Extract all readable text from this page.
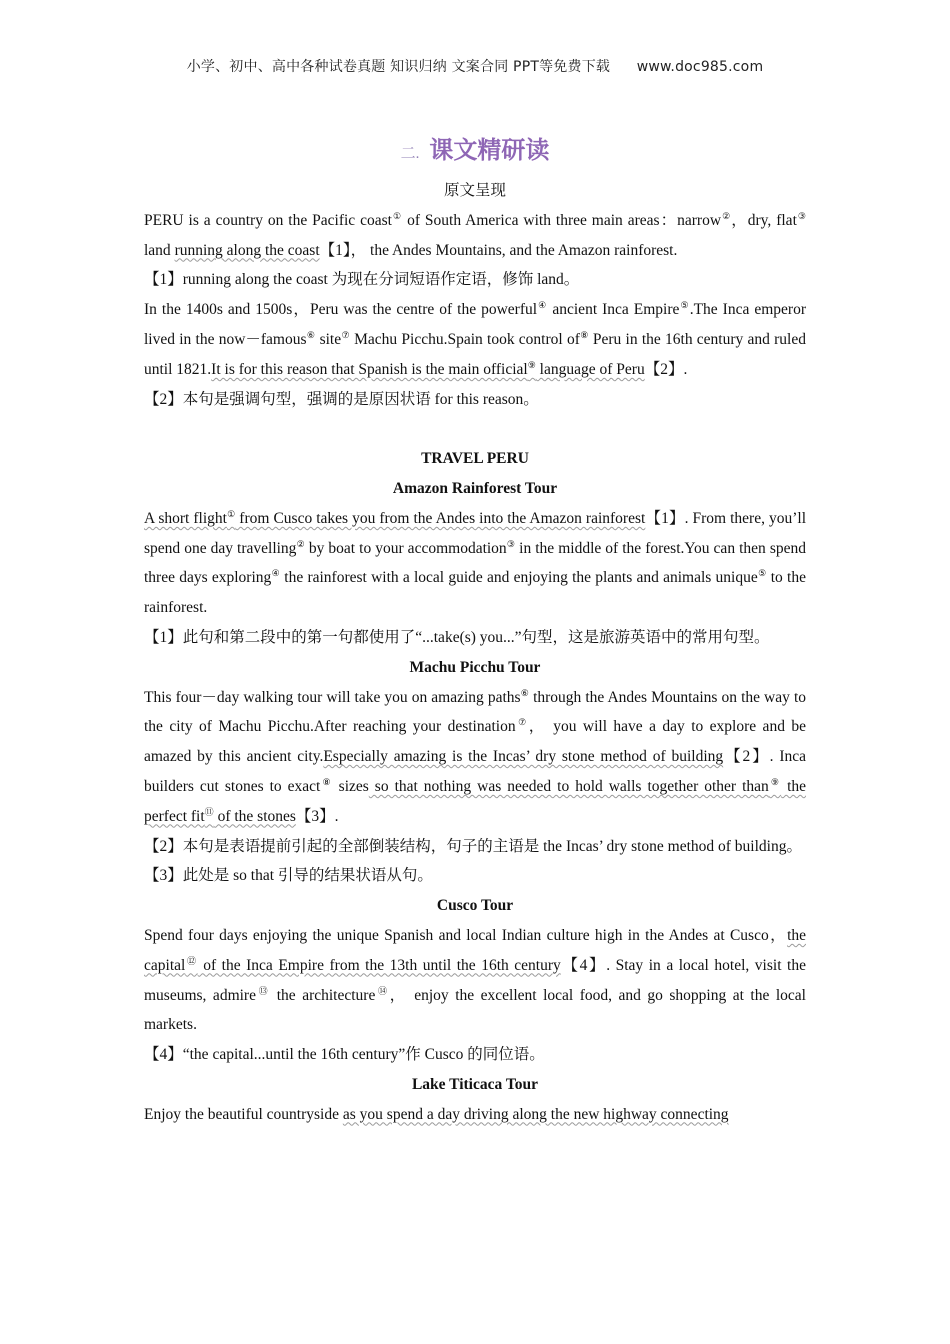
小学、初中、高中各种试卷真题 知识归纳 文案合同 PPT等免费下载 www.doc985.com
二. 课文精研读

原文呈现

PERU is a country on the Pacific coast① of South America with three main areas：narrow②，dry, flat③ land running along the coast【1】， the Andes Mountains, and the Amazon rainforest.

【1】running along the coast 为现在分词短语作定语，修饰 land。

In the 1400s and 1500s，Peru was the centre of the powerful④ ancient Inca Empire⑤.The Inca emperor lived in the now－famous⑥ site⑦ Machu Picchu.Spain took control of⑧ Peru in the 16th century and ruled until 1821.It is for this reason that Spanish is the main official⑨ language of Peru【2】.

【2】本句是强调句型，强调的是原因状语 for this reason。

TRAVEL PERU

Amazon Rainforest Tour

A short flight① from Cusco takes you from the Andes into the Amazon rainforest【1】. From there, you’ll spend one day travelling② by boat to your accommodation③ in the middle of the forest.You can then spend three days exploring④ the rainforest with a local guide and enjoying the plants and animals unique⑤ to the rainforest.

【1】此句和第二段中的第一句都使用了“...take(s) you...”句型，这是旅游英语中的常用句型。

Machu Picchu Tour

This four－day walking tour will take you on amazing paths⑥ through the Andes Mountains on the way to the city of Machu Picchu.After reaching your destination⑦， you will have a day to explore and be amazed by this ancient city.Especially amazing is the Incas’ dry stone method of building【2】. Inca builders cut stones to exact⑧ sizes so that nothing was needed to hold walls together other than⑨ the perfect fit⑪ of the stones【3】.

【2】本句是表语提前引起的全部倒装结构，句子的主语是 the Incas’ dry stone method of building。

【3】此处是 so that 引导的结果状语从句。

Cusco Tour

Spend four days enjoying the unique Spanish and local Indian culture high in the Andes at Cusco，the capital⑫ of the Inca Empire from the 13th until the 16th century【4】. Stay in a local hotel, visit the museums, admire⑬ the architecture⑭， enjoy the excellent local food, and go shopping at the local markets.

【4】“the capital...until the 16th century”作 Cusco 的同位语。

Lake Titicaca Tour

Enjoy the beautiful countryside as you spend a day driving along the new highway connecting
